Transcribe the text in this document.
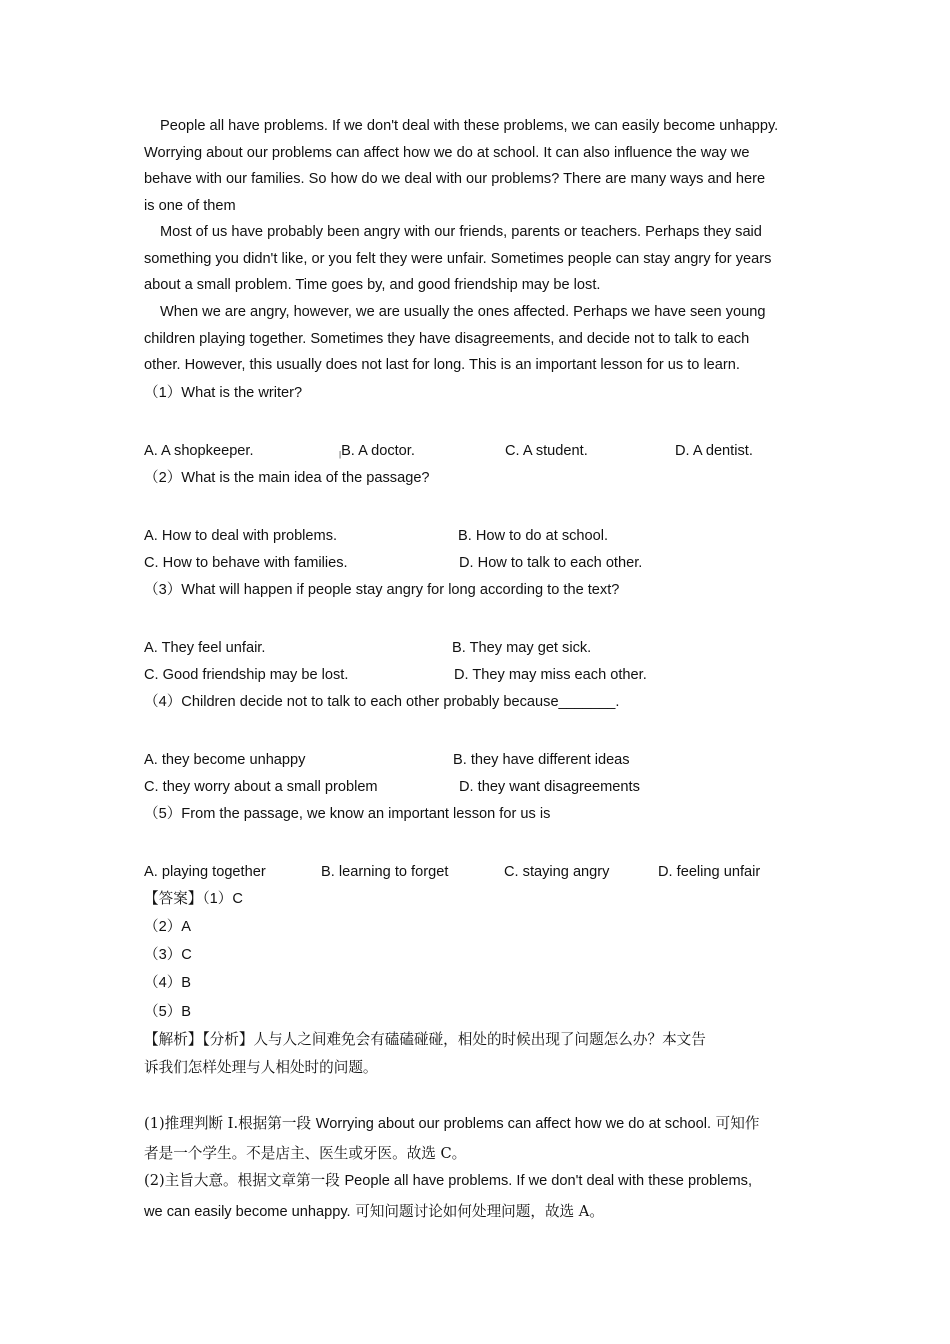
People all have problems. If we don't deal with these problems, we can easily become unhappy.
Worrying about our problems can affect how we do at school. It can also influence the way we
behave with our families. So how do we deal with our problems? There are many ways and here
is one of them
Most of us have probably been angry with our friends, parents or teachers. Perhaps they said
something you didn't like, or you felt they were unfair. Sometimes people can stay angry for years
about a small problem. Time goes by, and good friendship may be lost.
When we are angry, however, we are usually the ones affected. Perhaps we have seen young
children playing together. Sometimes they have disagreements, and decide not to talk to each
other. However, this usually does not last for long. This is an important lesson for us to learn.
（1）What is the writer?
A. A shopkeeper.	|B. A doctor.	C. A student.	D. A dentist.
（2）What is the main idea of the passage?
A. How to deal with problems.	B. How to do at school.
C. How to behave with families.	D. How to talk to each other.
（3）What will happen if people stay angry for long according to the text?
A. They feel unfair.	B. They may get sick.
C. Good friendship may be lost.	D. They may miss each other.
（4）Children decide not to talk to each other probably because_______.
A. they become unhappy	B. they have different ideas
C. they worry about a small problem	D. they want disagreements
（5）From the passage, we know an important lesson for us is
A. playing together	B. learning to forget	C. staying angry	D. feeling unfair
【答案】（1）C
（2）A
（3）C
（4）B
（5）B
【解析】【分析】人与人之间难免会有磕磕碰碰，相处的时候出现了问题怎么办？本文告
诉我们怎样处理与人相处时的问题。
(1)推理判断 I.根据第一段 Worrying about our problems can affect how we do at school. 可知作
者是一个学生。不是店主、医生或牙医。故选 C。
(2)主旨大意。根据文章第一段 People all have problems. If we don't deal with these problems,
we can easily become unhappy. 可知问题讨论如何处理问题，故选 A。
